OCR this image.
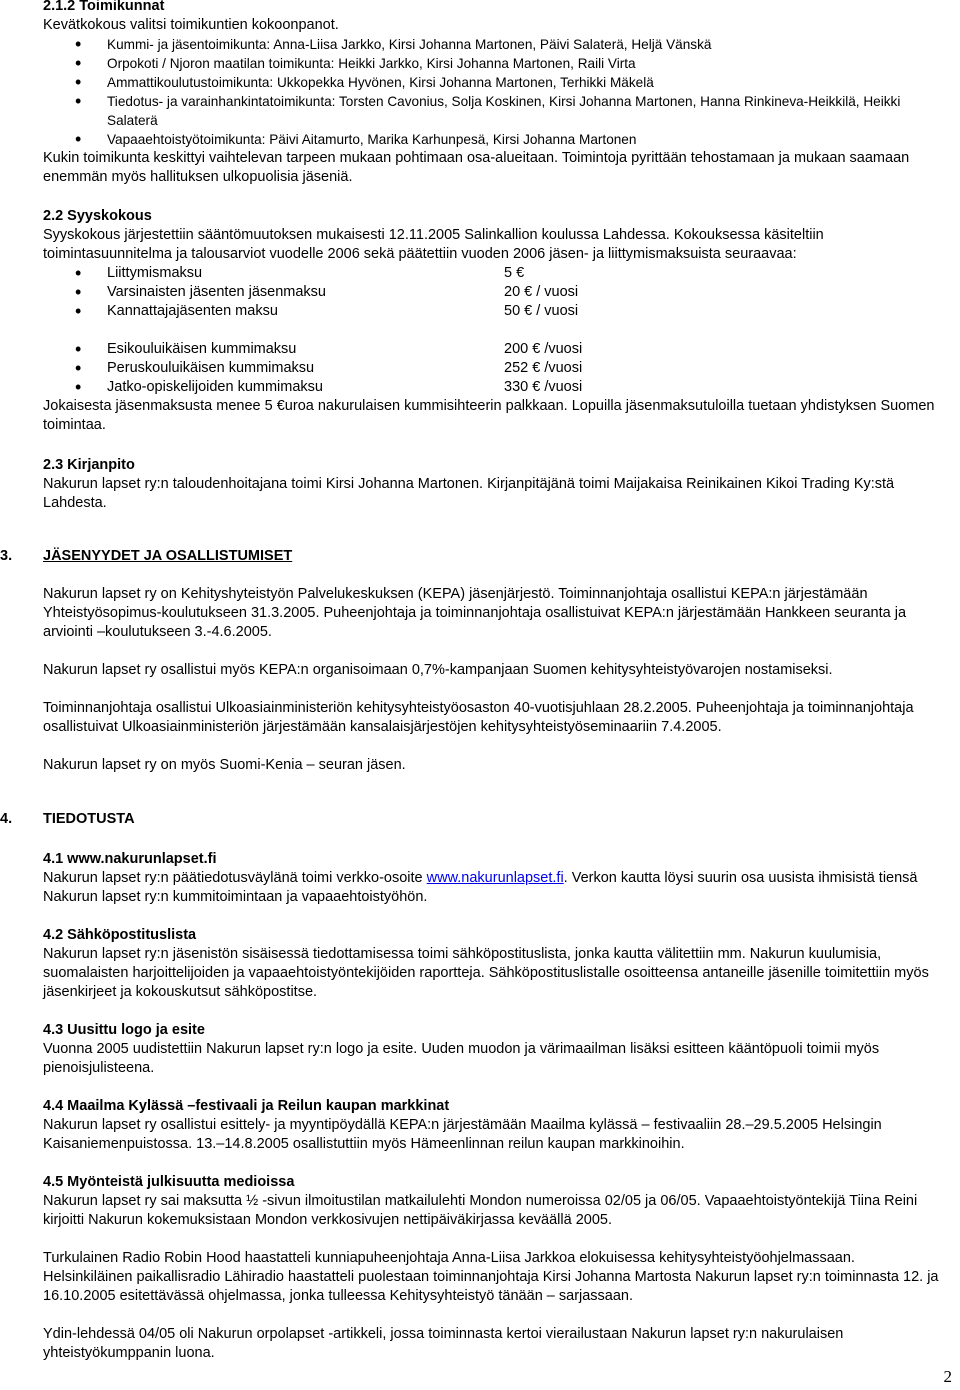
2.1.2 Toimikunnat

Kevätkokous valitsi toimikuntien kokoonpanot.

• Kummi- ja jäsentoimikunta: Anna-Liisa Jarkko, Kirsi Johanna Martonen, Päivi Salaterä, Heljä Vänskä
• Orpokoti / Njoron maatilan toimikunta: Heikki Jarkko, Kirsi Johanna Martonen, Raili Virta
• Ammattikoulutustoimikunta: Ukkopekka Hyvönen, Kirsi Johanna Martonen, Terhikki Mäkelä
• Tiedotus- ja varainhankintatoimikunta: Torsten Cavonius, Solja Koskinen, Kirsi Johanna Martonen, Hanna Rinkineva-Heikkilä, Heikki Salaterä
• Vapaaehtoistyötoimikunta: Päivi Aitamurto, Marika Karhunpesä, Kirsi Johanna Martonen

Kukin toimikunta keskittyi vaihtelevan tarpeen mukaan pohtimaan osa-alueitaan. Toimintoja pyrittään tehostamaan ja mukaan saamaan enemmän myös hallituksen ulkopuolisia jäseniä.

2.2 Syyskokous

Syyskokous järjestettiin sääntömuutoksen mukaisesti 12.11.2005 Salinkallion koulussa Lahdessa. Kokouksessa käsiteltiin toimintasuunnitelma ja talousarviot vuodelle 2006 sekä päätettiin vuoden 2006 jäsen- ja liittymismaksuista seuraavaa:

• Liittymismaksu	5 €
• Varsinaisten jäsenten jäsenmaksu	20 € / vuosi
• Kannattajajäsenten maksu	50 € / vuosi
• Esikouluikäisen kummimaksu	200 € /vuosi
• Peruskouluikäisen kummimaksu	252 € /vuosi
• Jatko-opiskelijoiden kummimaksu	330 € /vuosi

Jokaisesta jäsenmaksusta menee 5 €uroa nakurulaisen kummisihteerin palkkaan. Lopuilla jäsenmaksutuloilla tuetaan yhdistyksen Suomen toimintaa.

2.3 Kirjanpito

Nakurun lapset ry:n taloudenhoitajana toimi Kirsi Johanna Martonen. Kirjanpitäjänä toimi Maijakaisa Reinikainen Kikoi Trading Ky:stä Lahdesta.

3.	JÄSENYYDET JA OSALLISTUMISET

Nakurun lapset ry on Kehityshyteistyön Palvelukeskuksen (KEPA) jäsenjärjestö. Toiminnanjohtaja osallistui KEPA:n järjestämään Yhteistyösopimus-koulutukseen 31.3.2005. Puheenjohtaja ja toiminnanjohtaja osallistuivat KEPA:n järjestämään Hankkeen seuranta ja arviointi –koulutukseen 3.-4.6.2005.

Nakurun lapset ry osallistui myös KEPA:n organisoimaan 0,7%-kampanjaan Suomen kehitysyhteistyövarojen nostamiseksi.

Toiminnanjohtaja osallistui Ulkoasiainministeriön kehitysyhteistyöosaston 40-vuotisjuhlaan 28.2.2005. Puheenjohtaja ja toiminnanjohtaja osallistuivat Ulkoasiainministeriön järjestämään kansalaisjärjestöjen kehitysyhteistyöseminaariin 7.4.2005.

Nakurun lapset ry on myös Suomi-Kenia – seuran jäsen.

4.	TIEDOTUSTA
4.1 www.nakurunlapset.fi

Nakurun lapset ry:n päätiedotusväylänä toimi verkko-osoite www.nakurunlapset.fi. Verkon kautta löysi suurin osa uusista ihmisistä tiensä Nakurun lapset ry:n kummitoimintaan ja vapaaehtoistyöhön.

4.2 Sähköpostituslista

Nakurun lapset ry:n jäsenistön sisäisessä tiedottamisessa toimi sähköpostituslista, jonka kautta välitettiin mm. Nakurun kuulumisia, suomalaisten harjoittelijoiden ja vapaaehtoistyöntekijöiden raportteja. Sähköpostituslistalle osoitteensa antaneille jäsenille toimitettiin myös jäsenkirjeet ja kokouskutsut sähköpostitse.

4.3 Uusittu logo ja esite

Vuonna 2005 uudistettiin Nakurun lapset ry:n logo ja esite. Uuden muodon ja värimaailman lisäksi esitteen kääntöpuoli toimii myös pienoisjulisteena.

4.4 Maailma Kylässä –festivaali ja Reilun kaupan markkinat

Nakurun lapset ry osallistui esittely- ja myyntipöydällä KEPA:n järjestämään Maailma kylässä – festivaaliin 28.–29.5.2005 Helsingin Kaisaniemenpuistossa. 13.–14.8.2005 osallistuttiin myös Hämeenlinnan reilun kaupan markkinoihin.

4.5 Myönteistä julkisuutta medioissa

Nakurun lapset ry sai maksutta ½ -sivun ilmoitustilan matkailulehti Mondon numeroissa 02/05 ja 06/05. Vapaaehtoistyöntekijä Tiina Reini kirjoitti Nakurun kokemuksistaan Mondon verkkosivujen nettipäiväkirjassa keväällä 2005.

Turkulainen Radio Robin Hood haastatteli kunniapuheenjohtaja Anna-Liisa Jarkkoa elokuisessa kehitysyhteistyöohjelmassaan. Helsinkiläinen paikallisradio Lähiradio haastatteli puolestaan toiminnanjohtaja Kirsi Johanna Martosta Nakurun lapset ry:n toiminnasta 12. ja 16.10.2005 esitettävässä ohjelmassa, jonka tulleessa Kehitysyhteistyö tänään – sarjassaan.

Ydin-lehdessä 04/05 oli Nakurun orpolapset -artikkeli, jossa toiminnasta kertoi vierailustaan Nakurun lapset ry:n nakurulaisen yhteistyökumppanin luona.

2
